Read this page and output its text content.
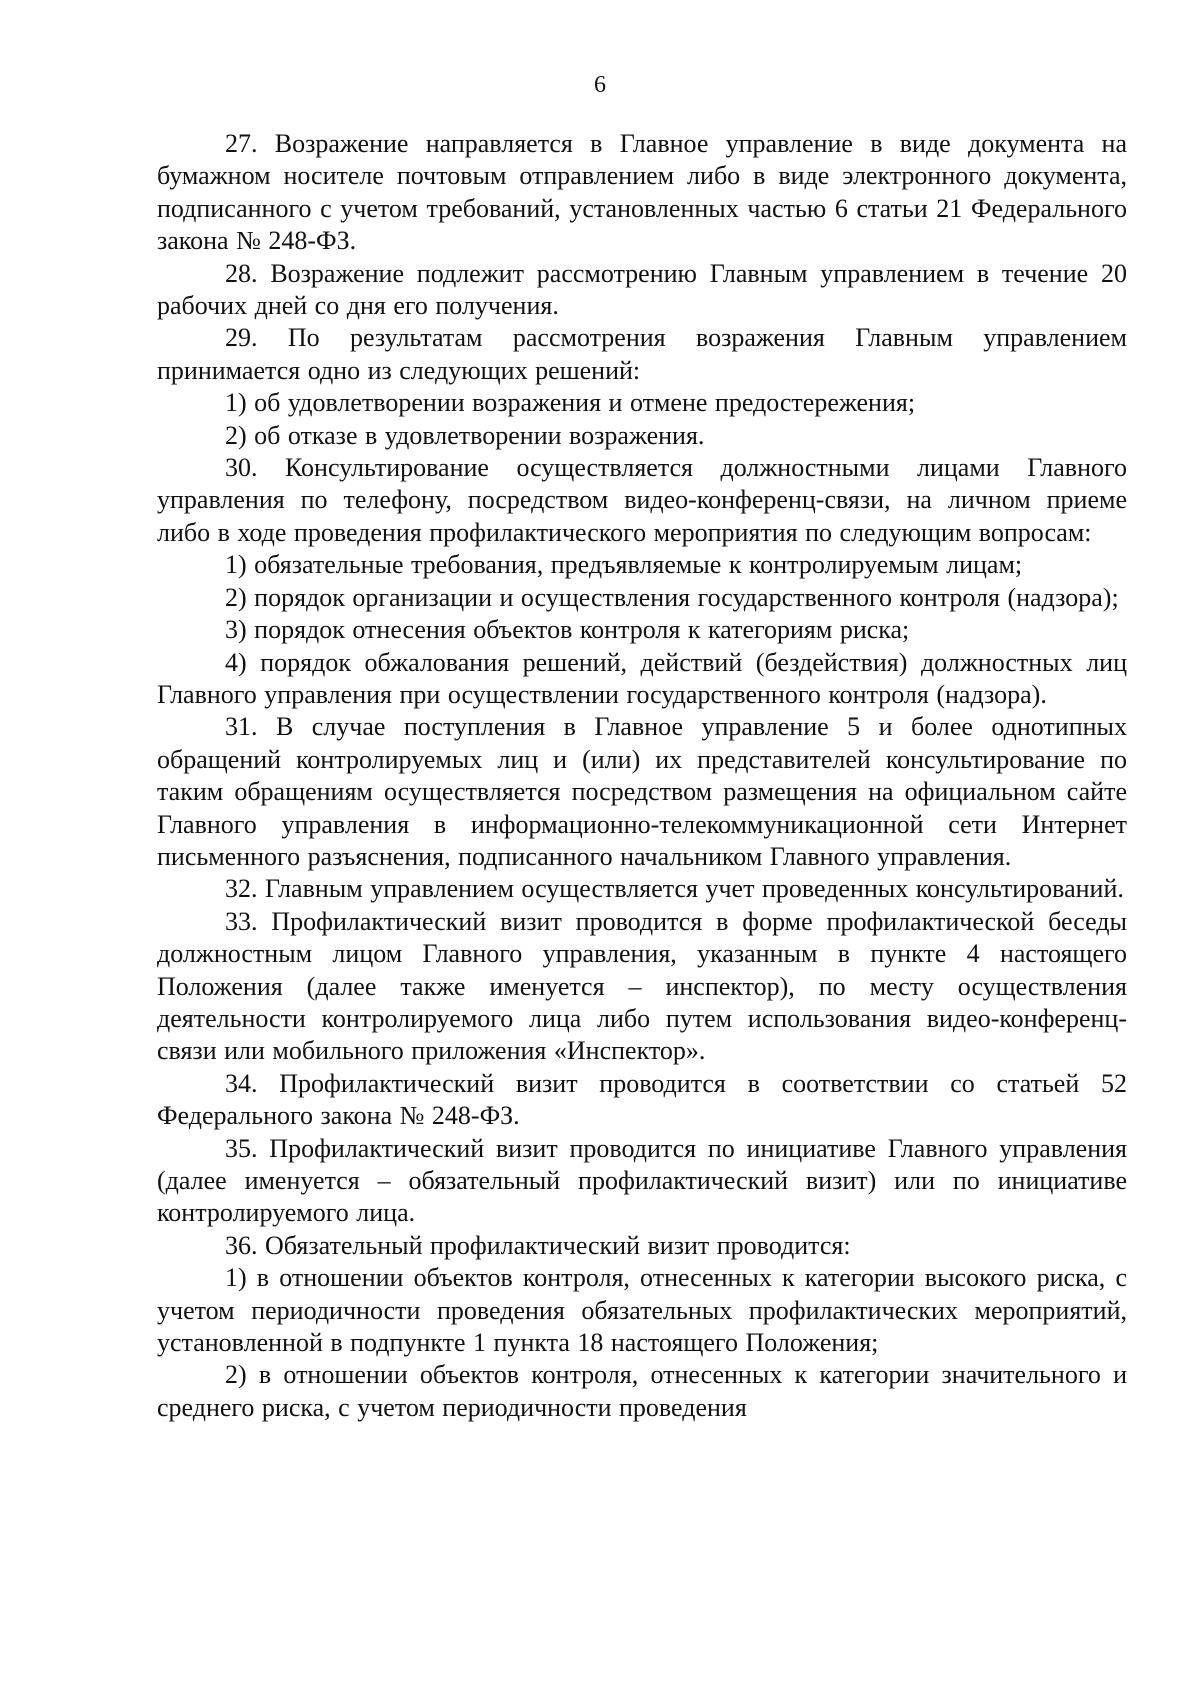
6

27. Возражение направляется в Главное управление в виде документа на бумажном носителе почтовым отправлением либо в виде электронного документа, подписанного с учетом требований, установленных частью 6 статьи 21 Федерального закона № 248-ФЗ.

28. Возражение подлежит рассмотрению Главным управлением в течение 20 рабочих дней со дня его получения.

29. По результатам рассмотрения возражения Главным управлением принимается одно из следующих решений:

1) об удовлетворении возражения и отмене предостережения;

2) об отказе в удовлетворении возражения.

30. Консультирование осуществляется должностными лицами Главного управления по телефону, посредством видео-конференц-связи, на личном приеме либо в ходе проведения профилактического мероприятия по следующим вопросам:

1) обязательные требования, предъявляемые к контролируемым лицам;

2) порядок организации и осуществления государственного контроля (надзора);

3) порядок отнесения объектов контроля к категориям риска;

4) порядок обжалования решений, действий (бездействия) должностных лиц Главного управления при осуществлении государственного контроля (надзора).

31. В случае поступления в Главное управление 5 и более однотипных обращений контролируемых лиц и (или) их представителей консультирование по таким обращениям осуществляется посредством размещения на официальном сайте Главного управления в информационно-телекоммуникационной сети Интернет письменного разъяснения, подписанного начальником Главного управления.

32. Главным управлением осуществляется учет проведенных консультирований.

33. Профилактический визит проводится в форме профилактической беседы должностным лицом Главного управления, указанным в пункте 4 настоящего Положения (далее также именуется – инспектор), по месту осуществления деятельности контролируемого лица либо путем использования видео-конференц-связи или мобильного приложения «Инспектор».

34. Профилактический визит проводится в соответствии со статьей 52 Федерального закона № 248-ФЗ.

35. Профилактический визит проводится по инициативе Главного управления (далее именуется – обязательный профилактический визит) или по инициативе контролируемого лица.

36. Обязательный профилактический визит проводится:

1) в отношении объектов контроля, отнесенных к категории высокого риска, с учетом периодичности проведения обязательных профилактических мероприятий, установленной в подпункте 1 пункта 18 настоящего Положения;

2) в отношении объектов контроля, отнесенных к категории значительного и среднего риска, с учетом периодичности проведения
